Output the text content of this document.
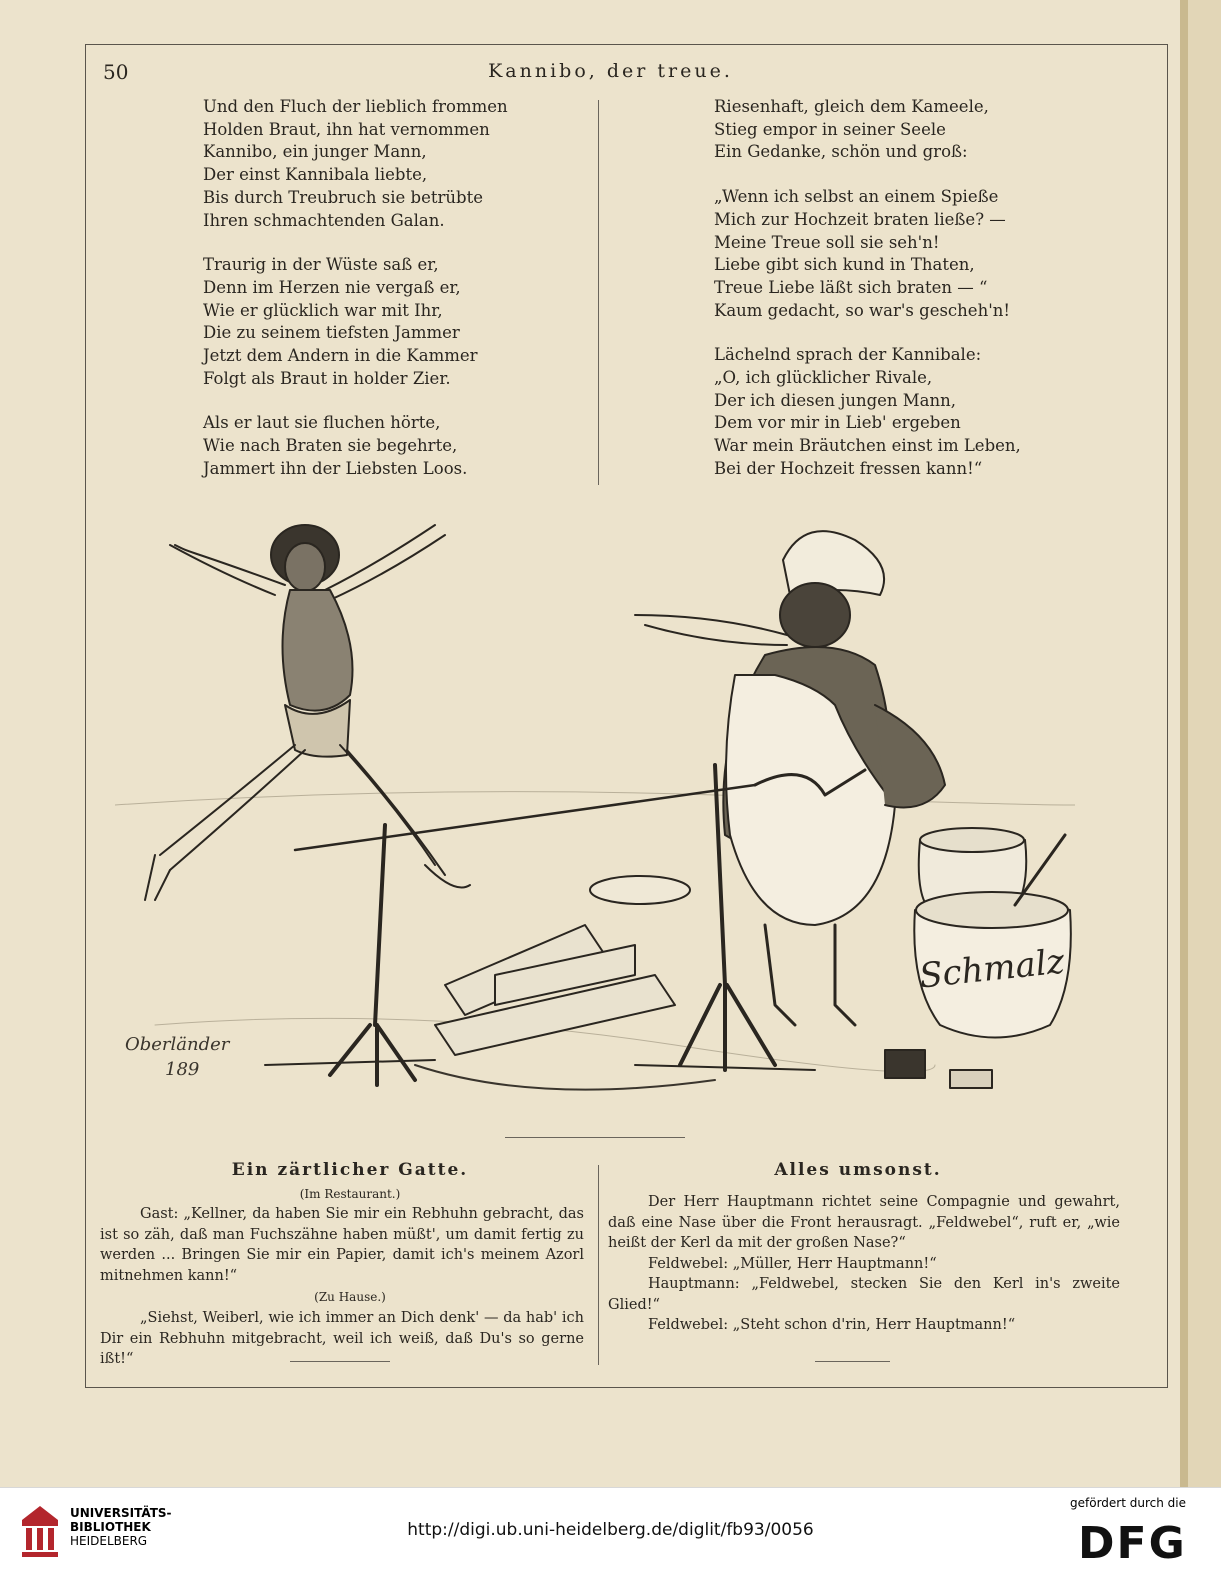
50	Kannibo, der treue.
Und den Fluch der lieblich frommen
Holden Braut, ihn hat vernommen
Kannibo, ein junger Mann,
Der einst Kannibala liebte,
Bis durch Treubruch sie betrübte
Ihren schmachtenden Galan.
Traurig in der Wüste saß er,
Denn im Herzen nie vergaß er,
Wie er glücklich war mit Ihr,
Die zu seinem tiefsten Jammer
Jetzt dem Andern in die Kammer
Folgt als Braut in holder Zier.
Als er laut sie fluchen hörte,
Wie nach Braten sie begehrte,
Jammert ihn der Liebsten Loos.
Riesenhaft, gleich dem Kameele,
Stieg empor in seiner Seele
Ein Gedanke, schön und groß:
„Wenn ich selbst an einem Spieße
Mich zur Hochzeit braten ließe? —
Meine Treue soll sie seh'n!
Liebe gibt sich kund in Thaten,
Treue Liebe läßt sich braten — “
Kaum gedacht, so war's gescheh'n!
Lächelnd sprach der Kannibale:
„O, ich glücklicher Rivale,
Der ich diesen jungen Mann,
Dem vor mir in Lieb' ergeben
War mein Bräutchen einst im Leben,
Bei der Hochzeit fressen kann!“
Schmalz
Oberländer
189
Ein zärtlicher Gatte.
(Im Restaurant.)

Gast: „Kellner, da haben Sie mir ein Rebhuhn gebracht, das ist so zäh, daß man Fuchszähne haben müßt', um damit fertig zu werden ... Bringen Sie mir ein Papier, damit ich's meinem Azorl mitnehmen kann!“

(Zu Hause.)

„Siehst, Weiberl, wie ich immer an Dich denk' — da hab' ich Dir ein Rebhuhn mitgebracht, weil ich weiß, daß Du's so gerne ißt!“

Alles umsonst.

Der Herr Hauptmann richtet seine Compagnie und gewahrt, daß eine Nase über die Front herausragt. „Feldwebel“, ruft er, „wie heißt der Kerl da mit der großen Nase?“

Feldwebel: „Müller, Herr Hauptmann!“

Hauptmann: „Feldwebel, stecken Sie den Kerl in's zweite Glied!“

Feldwebel: „Steht schon d'rin, Herr Hauptmann!“

UNIVERSITÄTS-
BIBLIOTHEK
HEIDELBERG
http://digi.ub.uni-heidelberg.de/diglit/fb93/0056
gefördert durch die
DFG
